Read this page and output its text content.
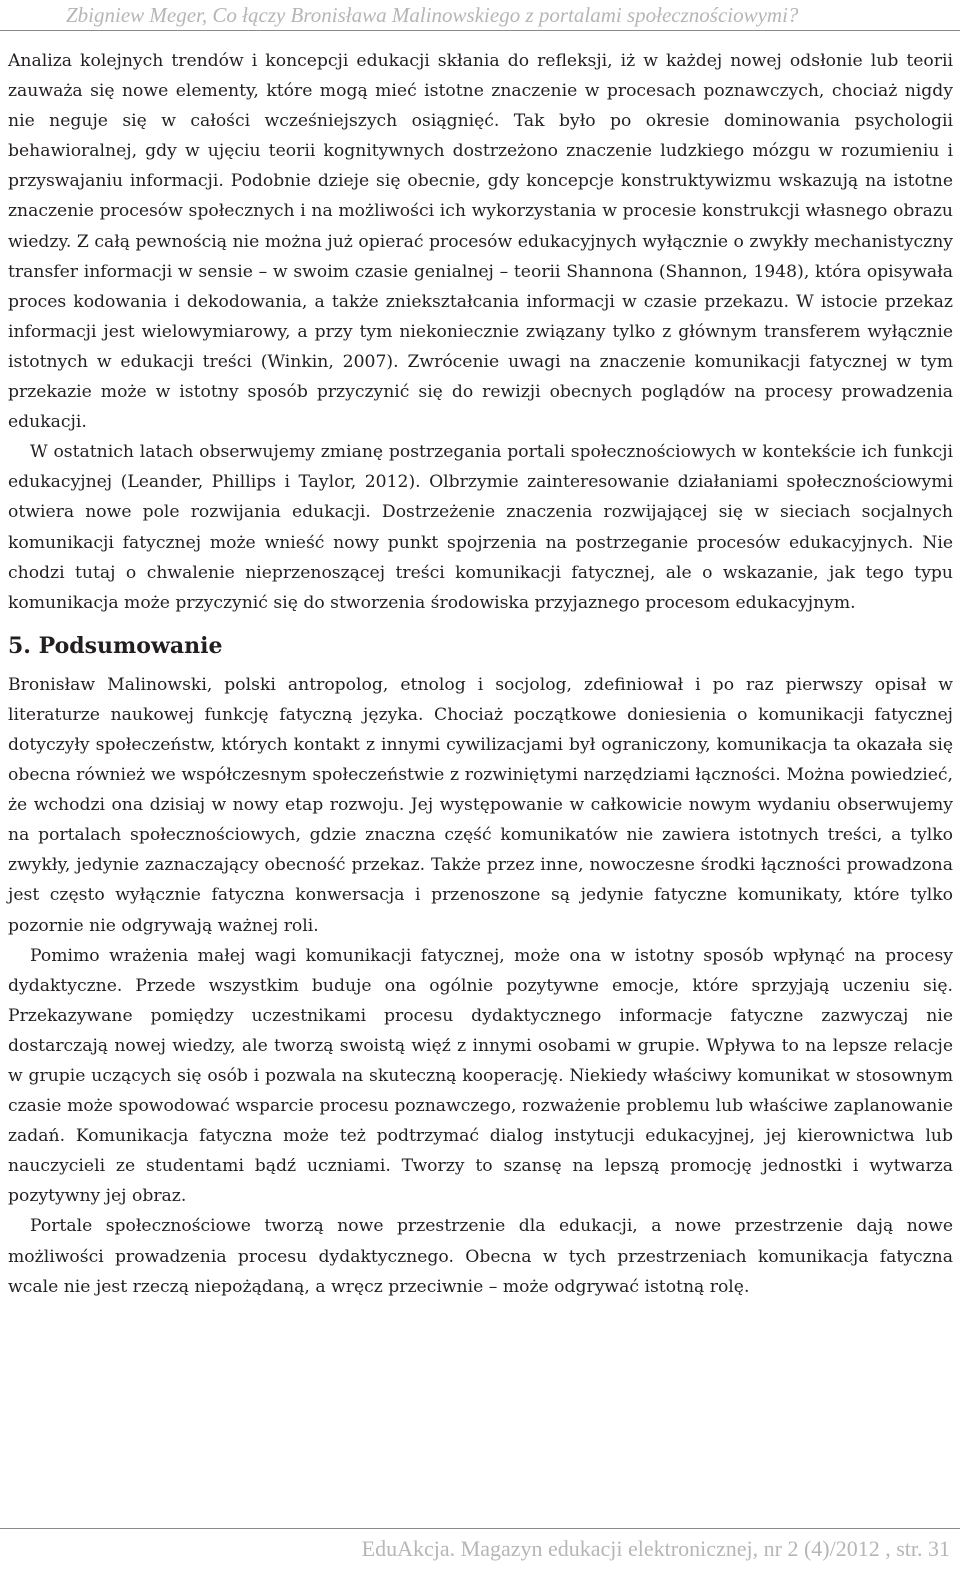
Zbigniew Meger, Co łączy Bronisława Malinowskiego z portalami społecznościowymi?

Analiza kolejnych trendów i koncepcji edukacji skłania do refleksji, iż w każdej nowej odsłonie lub teorii zauważa się nowe elementy, które mogą mieć istotne znaczenie w procesach poznawczych, chociaż nigdy nie neguje się w całości wcześniejszych osiągnięć. Tak było po okresie dominowania psychologii behawioralnej, gdy w ujęciu teorii kognitywnych dostrzeżono znaczenie ludzkiego mózgu w rozumieniu i przyswajaniu informacji. Podobnie dzieje się obecnie, gdy koncepcje konstruktywizmu wskazują na istotne znaczenie procesów społecznych i na możliwości ich wykorzystania w procesie konstrukcji własnego obrazu wiedzy. Z całą pewnością nie można już opierać procesów edukacyjnych wyłącznie o zwykły mechanistyczny transfer informacji w sensie – w swoim czasie genialnej – teorii Shannona (Shannon, 1948), która opisywała proces kodowania i dekodowania, a także zniekształcania informacji w czasie przekazu. W istocie przekaz informacji jest wielowymiarowy, a przy tym niekoniecznie związany tylko z głównym transferem wyłącznie istotnych w edukacji treści (Winkin, 2007). Zwrócenie uwagi na znaczenie komunikacji fatycznej w tym przekazie może w istotny sposób przyczynić się do rewizji obecnych poglądów na procesy prowadzenia edukacji.

W ostatnich latach obserwujemy zmianę postrzegania portali społecznościowych w kontekście ich funkcji edukacyjnej (Leander, Phillips i Taylor, 2012). Olbrzymie zainteresowanie działaniami społecznościowymi otwiera nowe pole rozwijania edukacji. Dostrzeżenie znaczenia rozwijającej się w sieciach socjalnych komunikacji fatycznej może wnieść nowy punkt spojrzenia na postrzeganie procesów edukacyjnych. Nie chodzi tutaj o chwalenie nieprzenoszącej treści komunikacji fatycznej, ale o wskazanie, jak tego typu komunikacja może przyczynić się do stworzenia środowiska przyjaznego procesom edukacyjnym.

5. Podsumowanie

Bronisław Malinowski, polski antropolog, etnolog i socjolog, zdefiniował i po raz pierwszy opisał w literaturze naukowej funkcję fatyczną języka. Chociaż początkowe doniesienia o komunikacji fatycznej dotyczyły społeczeństw, których kontakt z innymi cywilizacjami był ograniczony, komunikacja ta okazała się obecna również we współczesnym społeczeństwie z rozwiniętymi narzędziami łączności. Można powiedzieć, że wchodzi ona dzisiaj w nowy etap rozwoju. Jej występowanie w całkowicie nowym wydaniu obserwujemy na portalach społecznościowych, gdzie znaczna część komunikatów nie zawiera istotnych treści, a tylko zwykły, jedynie zaznaczający obecność przekaz. Także przez inne, nowoczesne środki łączności prowadzona jest często wyłącznie fatyczna konwersacja i przenoszone są jedynie fatyczne komunikaty, które tylko pozornie nie odgrywają ważnej roli.

Pomimo wrażenia małej wagi komunikacji fatycznej, może ona w istotny sposób wpłynąć na procesy dydaktyczne. Przede wszystkim buduje ona ogólnie pozytywne emocje, które sprzyjają uczeniu się. Przekazywane pomiędzy uczestnikami procesu dydaktycznego informacje fatyczne zazwyczaj nie dostarczają nowej wiedzy, ale tworzą swoistą więź z innymi osobami w grupie. Wpływa to na lepsze relacje w grupie uczących się osób i pozwala na skuteczną kooperację. Niekiedy właściwy komunikat w stosownym czasie może spowodować wsparcie procesu poznawczego, rozważenie problemu lub właściwe zaplanowanie zadań. Komunikacja fatyczna może też podtrzymać dialog instytucji edukacyjnej, jej kierownictwa lub nauczycieli ze studentami bądź uczniami. Tworzy to szansę na lepszą promocję jednostki i wytwarza pozytywny jej obraz.

Portale społecznościowe tworzą nowe przestrzenie dla edukacji, a nowe przestrzenie dają nowe możliwości prowadzenia procesu dydaktycznego. Obecna w tych przestrzeniach komunikacja fatyczna wcale nie jest rzeczą niepożądaną, a wręcz przeciwnie – może odgrywać istotną rolę.

EduAkcja. Magazyn edukacji elektronicznej, nr 2 (4)/2012 , str. 31
